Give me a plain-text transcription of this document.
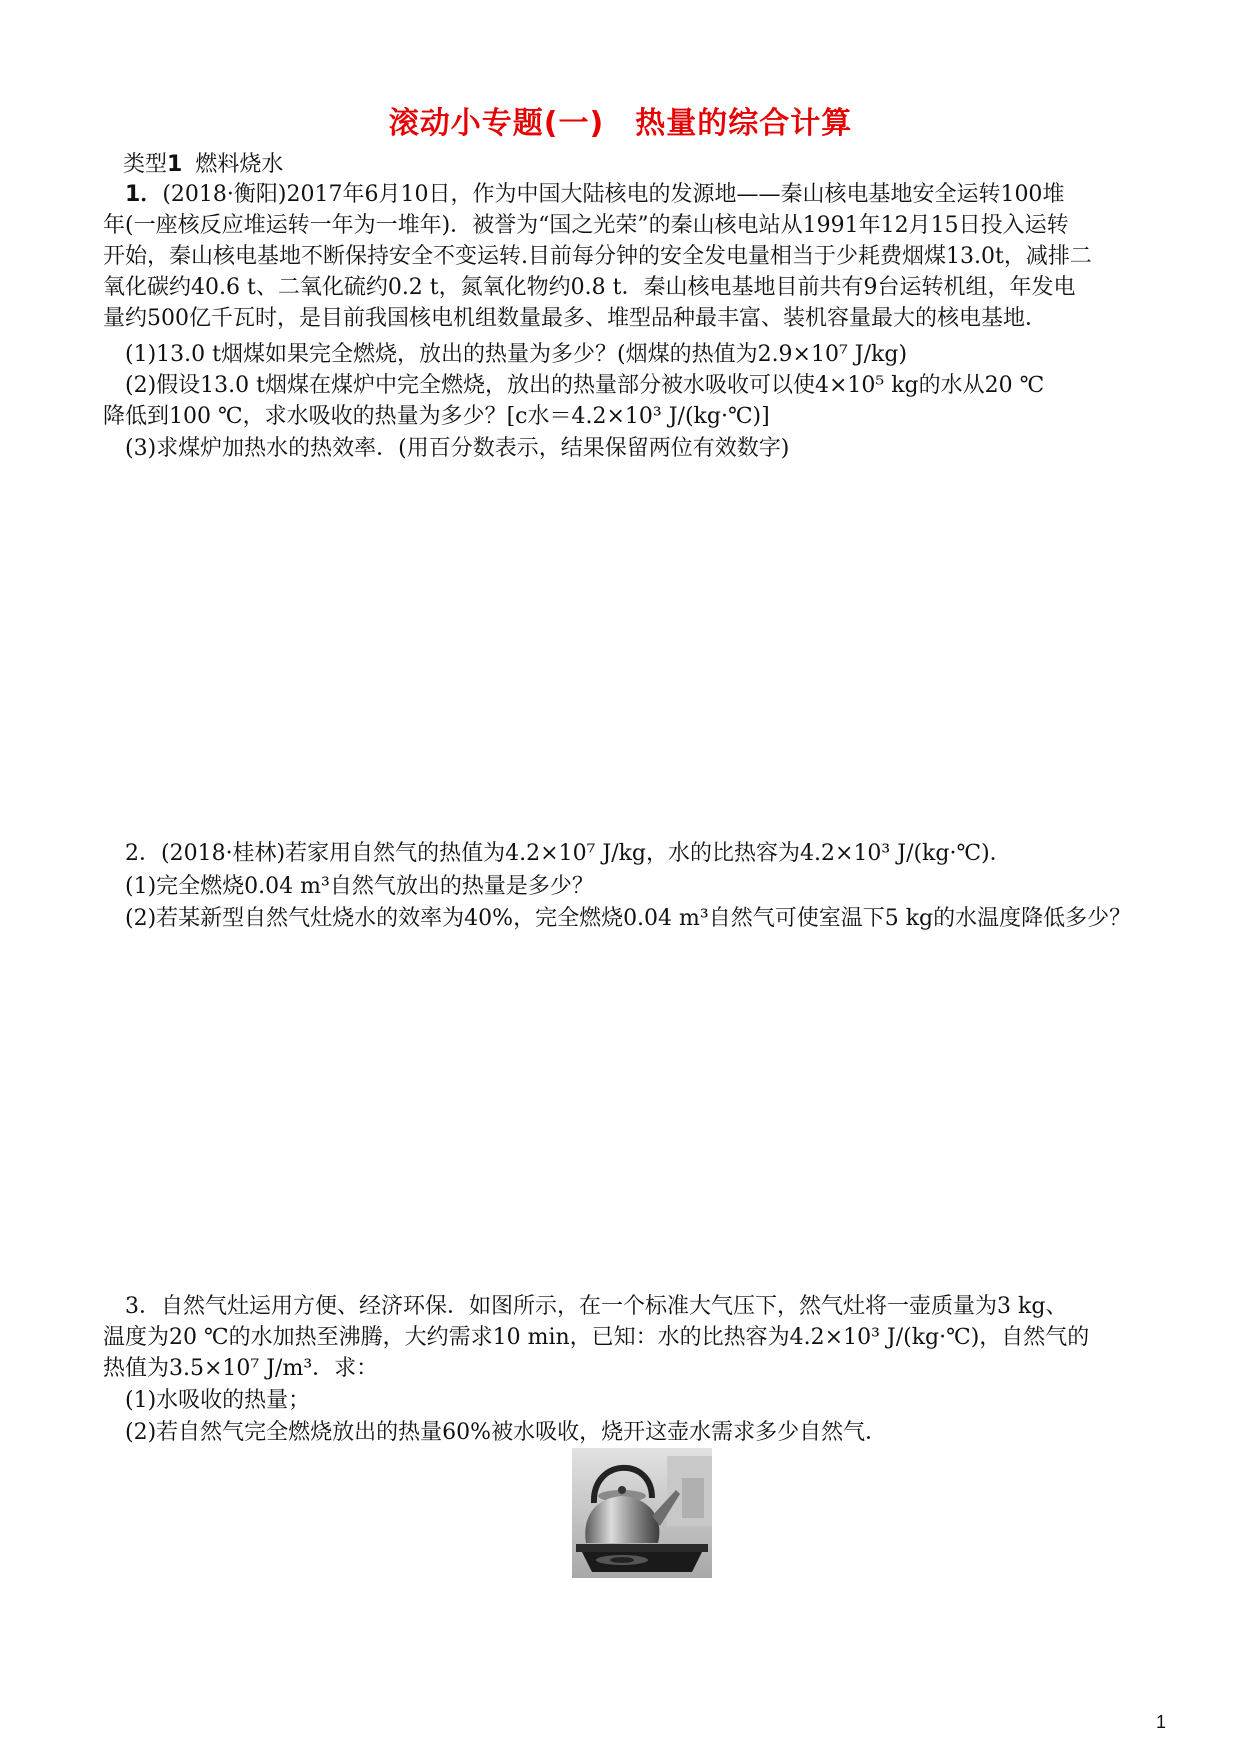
滚动小专题(一)　热量的综合计算
类型1 燃料烧水
1．(2018·衡阳)2017年6月10日，作为中国大陆核电的发源地——秦山核电基地安全运转100堆
年(一座核反应堆运转一年为一堆年)．被誉为“国之光荣”的秦山核电站从1991年12月15日投入运转
开始，秦山核电基地不断保持安全不变运转.目前每分钟的安全发电量相当于少耗费烟煤13.0t，减排二
氧化碳约40.6 t、二氧化硫约0.2 t，氮氧化物约0.8 t．秦山核电基地目前共有9台运转机组，年发电
量约500亿千瓦时，是目前我国核电机组数量最多、堆型品种最丰富、装机容量最大的核电基地．
(1)13.0 t烟煤如果完全燃烧，放出的热量为多少？(烟煤的热值为2.9×10⁷ J/kg)
(2)假设13.0 t烟煤在煤炉中完全燃烧，放出的热量部分被水吸收可以使4×10⁵ kg的水从20 ℃
降低到100 ℃，求水吸收的热量为多少？[c水＝4.2×10³ J/(kg·℃)]
(3)求煤炉加热水的热效率．(用百分数表示，结果保留两位有效数字)
2．(2018·桂林)若家用自然气的热值为4.2×10⁷ J/kg，水的比热容为4.2×10³ J/(kg·℃)．
(1)完全燃烧0.04 m³自然气放出的热量是多少？
(2)若某新型自然气灶烧水的效率为40%，完全燃烧0.04 m³自然气可使室温下5 kg的水温度降低多少？
3．自然气灶运用方便、经济环保．如图所示，在一个标准大气压下，然气灶将一壶质量为3 kg、
温度为20 ℃的水加热至沸腾，大约需求10 min，已知：水的比热容为4.2×10³ J/(kg·℃)，自然气的
热值为3.5×10⁷ J/m³．求：
(1)水吸收的热量；
(2)若自然气完全燃烧放出的热量60%被水吸收，烧开这壶水需求多少自然气．
1
